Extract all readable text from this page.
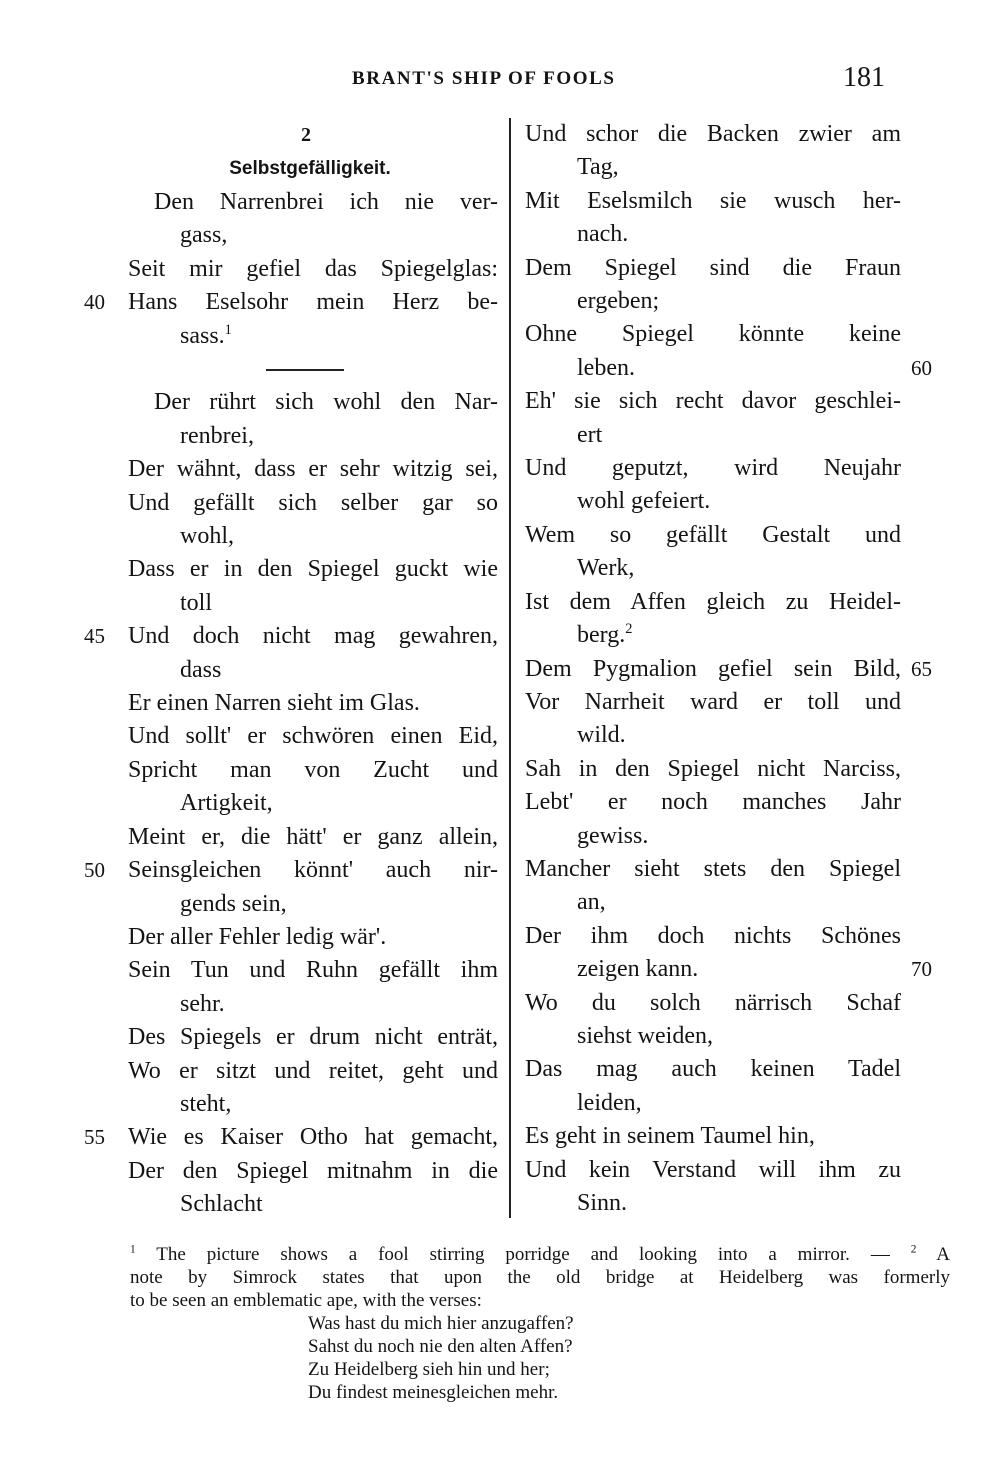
BRANT'S SHIP OF FOOLS	181
2
Selbstgefälligkeit.
Den Narrenbrei ich nie ver-
gass,
Seit mir gefiel das Spiegelglas:
40 Hans Eselsohr mein Herz be-
sass.$^1$
Der rührt sich wohl den Nar-
renbrei,
Der wähnt, dass er sehr witzig sei,
Und gefällt sich selber gar so
wohl,
Dass er in den Spiegel guckt wie
toll
45 Und doch nicht mag gewahren,
dass
Er einen Narren sieht im Glas.
Und sollt' er schwören einen Eid,
Spricht man von Zucht und
Artigkeit,
Meint er, die hätt' er ganz allein,
50 Seinsgleichen könnt' auch nir-
gends sein,
Der aller Fehler ledig wär'.
Sein Tun und Ruhn gefällt ihm
sehr.
Des Spiegels er drum nicht enträt,
Wo er sitzt und reitet, geht und
steht,
55 Wie es Kaiser Otho hat gemacht,
Der den Spiegel mitnahm in die
Schlacht
Und schor die Backen zwier am
Tag,
Mit Eselsmilch sie wusch her-
nach.
Dem Spiegel sind die Fraun
ergeben;
Ohne Spiegel könnte keine
leben.	60
Eh' sie sich recht davor geschlei-
ert
Und geputzt, wird Neujahr
wohl gefeiert.
Wem so gefällt Gestalt und
Werk,
Ist dem Affen gleich zu Heidel-
berg.$^2$
Dem Pygmalion gefiel sein Bild, 65
Vor Narrheit ward er toll und
wild.
Sah in den Spiegel nicht Narciss,
Lebt' er noch manches Jahr
gewiss.
Mancher sieht stets den Spiegel
an,
Der ihm doch nichts Schönes
zeigen kann.	70
Wo du solch närrisch Schaf
siehst weiden,
Das mag auch keinen Tadel
leiden,
Es geht in seinem Taumel hin,
Und kein Verstand will ihm zu
Sinn.
$^1$ The picture shows a fool stirring porridge and looking into a mirror. — $^2$ A
note by Simrock states that upon the old bridge at Heidelberg was formerly
to be seen an emblematic ape, with the verses:
Was hast du mich hier anzugaffen?
Sahst du noch nie den alten Affen?
Zu Heidelberg sieh hin und her;
Du findest meinesgleichen mehr.
